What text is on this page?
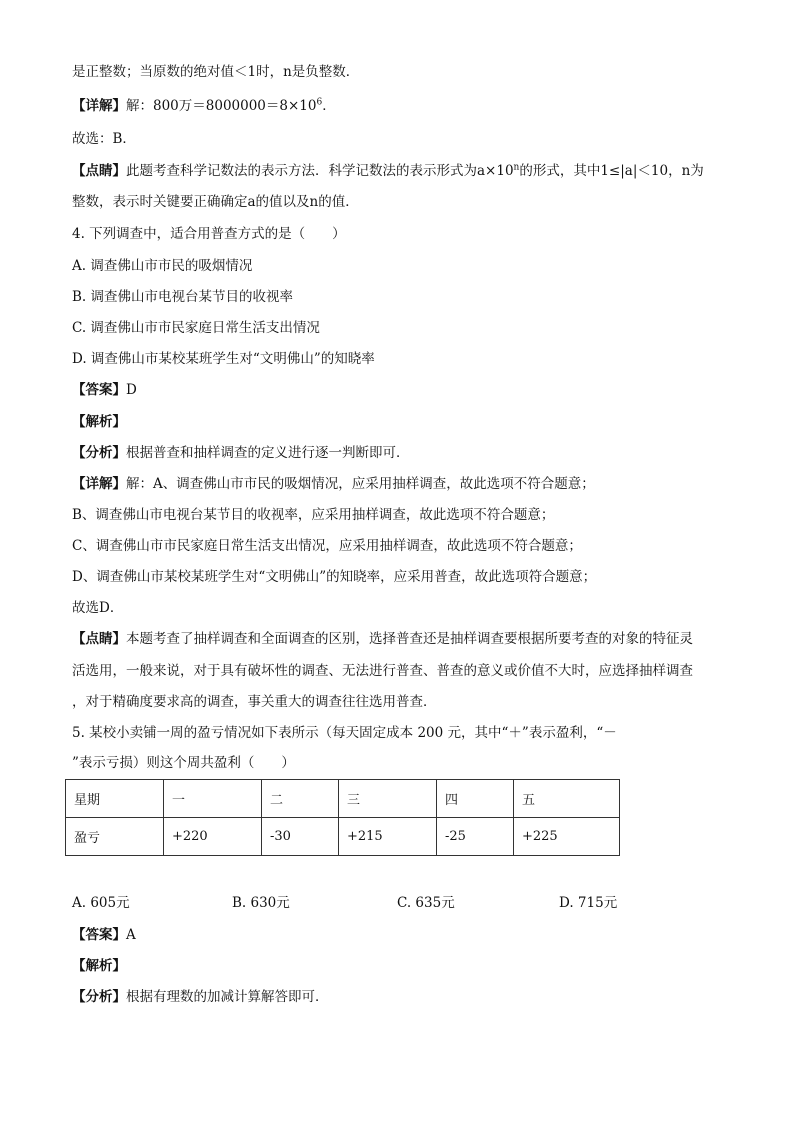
是正整数；当原数的绝对值＜1时，n是负整数．
【详解】解：800万$=8000000=8\times 10^6$．
故选：B．
【点睛】此题考查科学记数法的表示方法．科学记数法的表示形式为$a\times 10^n$的形式，其中1≤|a|＜10，n为
整数，表示时关键要正确确定a的值以及n的值．
4. 下列调查中，适合用普查方式的是（　　）
A. 调查佛山市市民的吸烟情况
B. 调查佛山市电视台某节目的收视率
C. 调查佛山市市民家庭日常生活支出情况
D. 调查佛山市某校某班学生对“文明佛山”的知晓率
【答案】D
【解析】
【分析】根据普查和抽样调查的定义进行逐一判断即可．
【详解】解：A、调查佛山市市民的吸烟情况，应采用抽样调查，故此选项不符合题意；
B、调查佛山市电视台某节目的收视率，应采用抽样调查，故此选项不符合题意；
C、调查佛山市市民家庭日常生活支出情况，应采用抽样调查，故此选项不符合题意；
D、调查佛山市某校某班学生对“文明佛山”的知晓率，应采用普查，故此选项符合题意；
故选D．
【点睛】本题考查了抽样调查和全面调查的区别，选择普查还是抽样调查要根据所要考查的对象的特征灵
活选用，一般来说，对于具有破坏性的调查、无法进行普查、普查的意义或价值不大时，应选择抽样调查
，对于精确度要求高的调查，事关重大的调查往往选用普查．
5. 某校小卖铺一周的盈亏情况如下表所示（每天固定成本 200 元，其中“＋”表示盈利，“－
”表示亏损）则这个周共盈利（　　）
星期	一	二	三	四	五
盈亏	+220	-30	+215	-25	+225
A. 605元	B. 630元	C. 635元	D. 715元
【答案】A
【解析】
【分析】根据有理数的加减计算解答即可．
